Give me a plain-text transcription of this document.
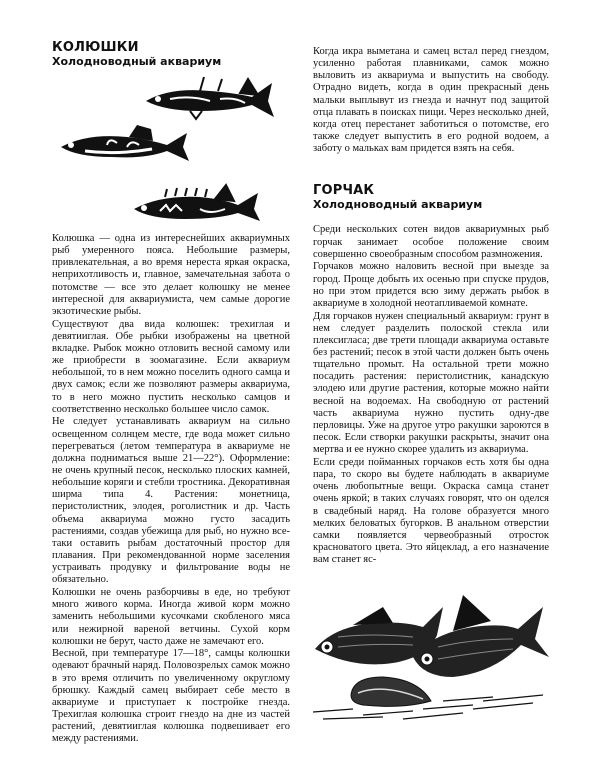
КОЛЮШКИ
Холодноводный аквариум

Колюшка — одна из интереснейших аквариумных рыб умеренного пояса. Небольшие размеры, привлекательная, а во время нереста яркая окраска, неприхотливость и, главное, замечательная забота о потомстве — все это делает колюшку не менее интересной для аквариумиста, чем самые дорогие экзотические рыбы.

Существуют два вида колюшек: трехиглая и девятииглая. Обе рыбки изображены на цветной вкладке. Рыбок можно отловить весной самому или же приобрести в зоомагазине. Если аквариум небольшой, то в нем можно поселить одного самца и двух самок; если же позволяют размеры аквариума, то в него можно пустить несколько самцов и соответственно несколько большее число самок.

Не следует устанавливать аквариум на сильно освещенном солнцем месте, где вода может сильно перегреваться (летом температура в аквариуме не должна подниматься выше 21—22°). Оформление: не очень крупный песок, несколько плоских камней, небольшие коряги и стебли тростника. Декоративная ширма типа 4. Растения: монетница, перистолистник, элодея, роголистник и др. Часть объема аквариума можно густо засадить растениями, создав убежища для рыб, но нужно все-таки оставить рыбам достаточный простор для плавания. При рекомендованной норме заселения устраивать продувку и фильтрование воды не обязательно.

Колюшки не очень разборчивы в еде, но требуют много живого корма. Иногда живой корм можно заменить небольшими кусочками скобленого мяса или нежирной вареной ветчины. Сухой корм колюшки не берут, часто даже не замечают его.

Весной, при температуре 17—18°, самцы колюшки одевают брачный наряд. Половозрелых самок можно в это время отличить по увеличенному округлому брюшку. Каждый самец выбирает себе место в аквариуме и приступает к постройке гнезда. Трехиглая колюшка строит гнездо на дне из частей растений, девятииглая колюшка подвешивает его между растениями.

Когда икра выметана и самец встал перед гнездом, усиленно работая плавниками, самок можно выловить из аквариума и выпустить на свободу. Отрадно видеть, когда в один прекрасный день мальки выплывут из гнезда и начнут под защитой отца плавать в поисках пищи. Через несколько дней, когда отец перестанет заботиться о потомстве, его также следует выпустить в его родной водоем, а заботу о мальках вам придется взять на себя.

ГОРЧАК
Холодноводный аквариум

Среди нескольких сотен видов аквариумных рыб горчак занимает особое положение своим совершенно своеобразным способом размножения.

Горчаков можно наловить весной при выезде за город. Проще добыть их осенью при спуске прудов, но при этом придется всю зиму держать рыбок в аквариуме в холодной неотапливаемой комнате.

Для горчаков нужен специальный аквариум: грунт в нем следует разделить полоской стекла или плексигласа; две трети площади аквариума оставьте без растений; песок в этой части должен быть очень тщательно промыт. На остальной трети можно посадить растения: перистолистник, канадскую элодею или другие растения, которые можно найти весной на водоемах. На свободную от растений часть аквариума нужно пустить одну-две перловицы. Уже на другое утро ракушки зароются в песок. Если створки ракушки раскрыты, значит она мертва и ее нужно скорее удалить из аквариума.

Если среди пойманных горчаков есть хотя бы одна пара, то скоро вы будете наблюдать в аквариуме очень любопытные вещи. Окраска самца станет очень яркой; в таких случаях говорят, что он оделся в свадебный наряд. На голове образуется много мелких беловатых бугорков. В анальном отверстии самки появляется червеобразный отросток красноватого цвета. Это яйцеклад, а его назначение вам станет яс-
